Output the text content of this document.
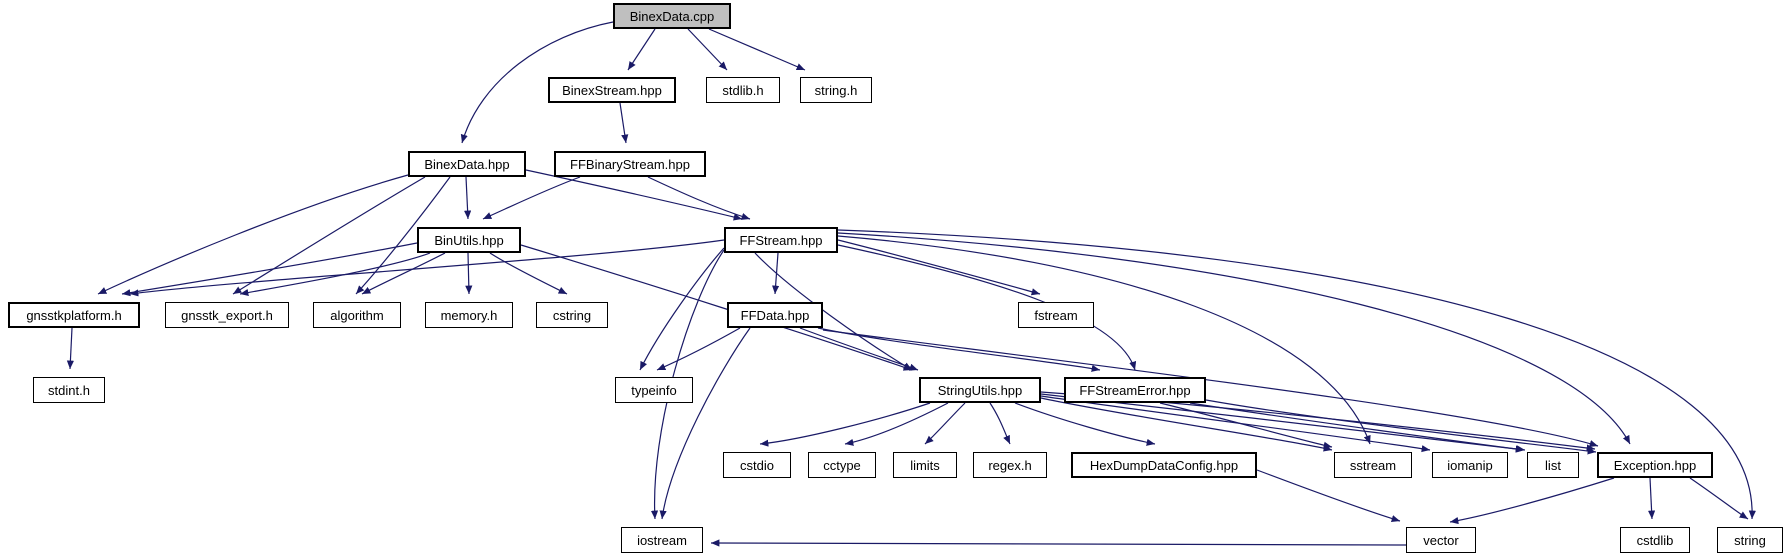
BinexData.cpp
BinexStream.hpp	stdlib.h	string.h
BinexData.hpp	FFBinaryStream.hpp
BinUtils.hpp	FFStream.hpp
gnsstkplatform.h	gnsstk_export.h	algorithm	memory.h	cstring	FFData.hpp	fstream
stdint.h	typeinfo	StringUtils.hpp	FFStreamError.hpp
cstdio	cctype	limits	regex.h	HexDumpDataConfig.hpp	sstream	iomanip	list	Exception.hpp
iostream	vector	cstdlib	string
